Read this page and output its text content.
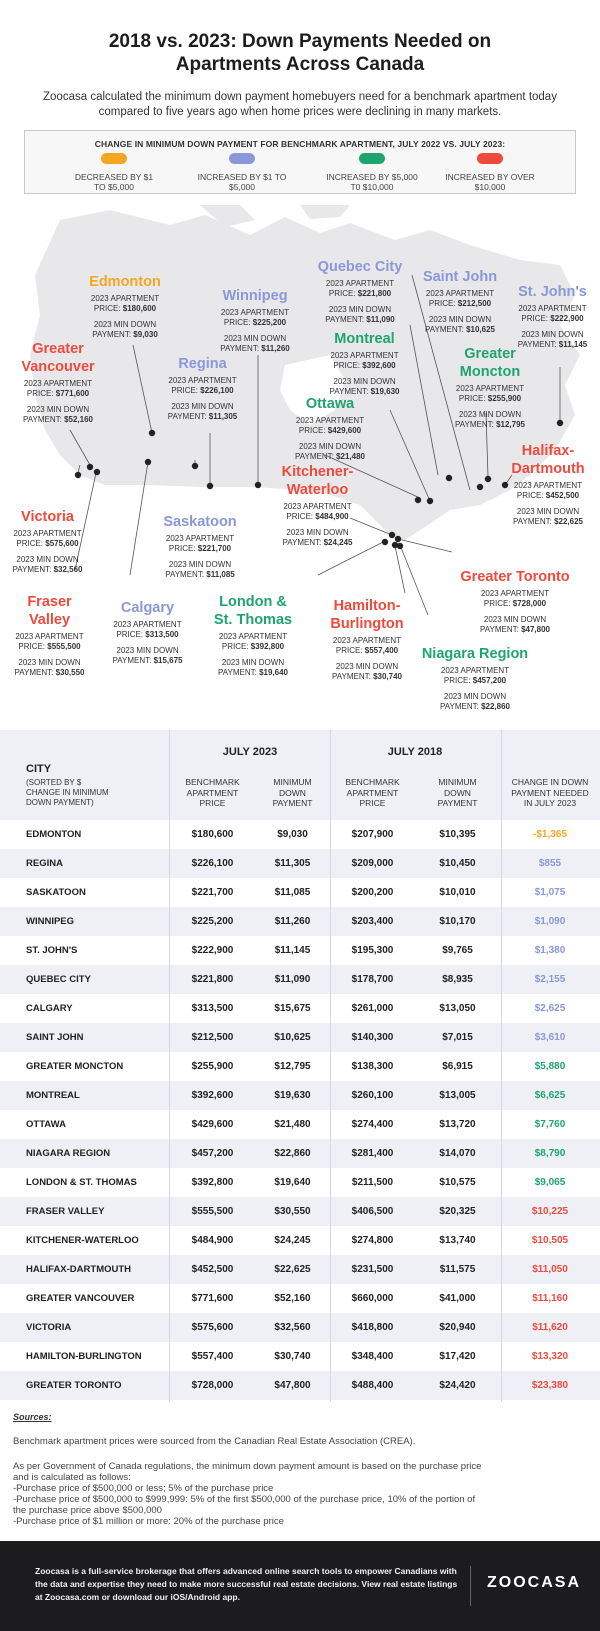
2018 vs. 2023: Down Payments Needed on
Apartments Across Canada
Zoocasa calculated the minimum down payment homebuyers need for a benchmark apartment today compared to five years ago when home prices were declining in many markets.
CHANGE IN MINIMUM DOWN PAYMENT FOR BENCHMARK APARTMENT, JULY 2022 VS. JULY 2023:
DECREASED BY $1
TO $5,000
INCREASED BY $1 TO
$5,000
INCREASED BY $5,000
T0 $10,000
INCREASED BY OVER
$10,000
Edmonton
2023 APARTMENT
PRICE: $180,600

2023 MIN DOWN
PAYMENT: $9,030
Winnipeg
2023 APARTMENT
PRICE: $225,200

2023 MIN DOWN
PAYMENT: $11,260
Quebec City
2023 APARTMENT
PRICE: $221,800

2023 MIN DOWN
PAYMENT: $11,090
Saint John
2023 APARTMENT
PRICE: $212,500

2023 MIN DOWN
PAYMENT: $10,625
St. John's
2023 APARTMENT
PRICE: $222,900

2023 MIN DOWN
PAYMENT: $11,145
Greater
Vancouver
2023 APARTMENT
PRICE: $771,600

2023 MIN DOWN
PAYMENT: $52,160
Regina
2023 APARTMENT
PRICE: $226,100

2023 MIN DOWN
PAYMENT: $11,305
Montreal
2023 APARTMENT
PRICE: $392,600

2023 MIN DOWN
PAYMENT: $19,630
Greater
Moncton
2023 APARTMENT
PRICE: $255,900

2023 MIN DOWN
PAYMENT: $12,795
Ottawa
2023 APARTMENT
PRICE: $429,600

2023 MIN DOWN
PAYMENT: $21,480	Halifax-
Dartmouth
2023 APARTMENT
PRICE: $452,500

2023 MIN DOWN
PAYMENT: $22,625
Kitchener-
Waterloo
2023 APARTMENT
PRICE: $484,900

2023 MIN DOWN
PAYMENT: $24,245
Victoria
2023 APARTMENT
PRICE: $575,600

2023 MIN DOWN
PAYMENT: $32,560
Saskatoon
2023 APARTMENT
PRICE: $221,700

2023 MIN DOWN
PAYMENT: $11,085	Greater Toronto
2023 APARTMENT
PRICE: $728,000

2023 MIN DOWN
PAYMENT: $47,800
Fraser
Valley
2023 APARTMENT
PRICE: $555,500

2023 MIN DOWN
PAYMENT: $30,550
Calgary
2023 APARTMENT
PRICE: $313,500

2023 MIN DOWN
PAYMENT: $15,675
London &
St. Thomas
2023 APARTMENT
PRICE: $392,800

2023 MIN DOWN
PAYMENT: $19,640
Hamilton-
Burlington
2023 APARTMENT
PRICE: $557,400

2023 MIN DOWN
PAYMENT: $30,740
Niagara Region
2023 APARTMENT
PRICE: $457,200

2023 MIN DOWN
PAYMENT: $22,860
CITY
(SORTED BY $
CHANGE IN MINIMUM
DOWN PAYMENT)
JULY 2023	JULY 2018
BENCHMARK
APARTMENT
PRICE
MINIMUM
DOWN
PAYMENT
BENCHMARK
APARTMENT
PRICE
MINIMUM
DOWN
PAYMENT
CHANGE IN DOWN
PAYMENT NEEDED
IN JULY 2023
EDMONTON	$180,600	$9,030	$207,900	$10,395	-$1,365
REGINA	$226,100	$11,305	$209,000	$10,450	$855
SASKATOON	$221,700	$11,085	$200,200	$10,010	$1,075
WINNIPEG	$225,200	$11,260	$203,400	$10,170	$1,090
ST. JOHN'S	$222,900	$11,145	$195,300	$9,765	$1,380
QUEBEC CITY	$221,800	$11,090	$178,700	$8,935	$2,155
CALGARY	$313,500	$15,675	$261,000	$13,050	$2,625
SAINT JOHN	$212,500	$10,625	$140,300	$7,015	$3,610
GREATER MONCTON	$255,900	$12,795	$138,300	$6,915	$5,880
MONTREAL	$392,600	$19,630	$260,100	$13,005	$6,625
OTTAWA	$429,600	$21,480	$274,400	$13,720	$7,760
NIAGARA REGION	$457,200	$22,860	$281,400	$14,070	$8,790
LONDON & ST. THOMAS	$392,800	$19,640	$211,500	$10,575	$9,065
FRASER VALLEY	$555,500	$30,550	$406,500	$20,325	$10,225
KITCHENER-WATERLOO	$484,900	$24,245	$274,800	$13,740	$10,505
HALIFAX-DARTMOUTH	$452,500	$22,625	$231,500	$11,575	$11,050
GREATER VANCOUVER	$771,600	$52,160	$660,000	$41,000	$11,160
VICTORIA	$575,600	$32,560	$418,800	$20,940	$11,620
HAMILTON-BURLINGTON	$557,400	$30,740	$348,400	$17,420	$13,320
GREATER TORONTO	$728,000	$47,800	$488,400	$24,420	$23,380
Sources:
Benchmark apartment prices were sourced from the Canadian Real Estate Association (CREA).
As per Government of Canada regulations, the minimum down payment amount is based on the purchase price
and is calculated as follows:
-Purchase price of $500,000 or less; 5% of the purchase price
-Purchase price of $500,000 to $999,999: 5% of the first $500,000 of the purchase price, 10% of the portion of
the purchase price above $500,000
-Purchase price of $1 million or more: 20% of the purchase price
Zoocasa is a full-service brokerage that offers advanced online search tools to empower Canadians with the data and expertise they need to make more successful real estate decisions. View real estate listings at Zoocasa.com or download our iOS/Android app.
ZOOCASA
